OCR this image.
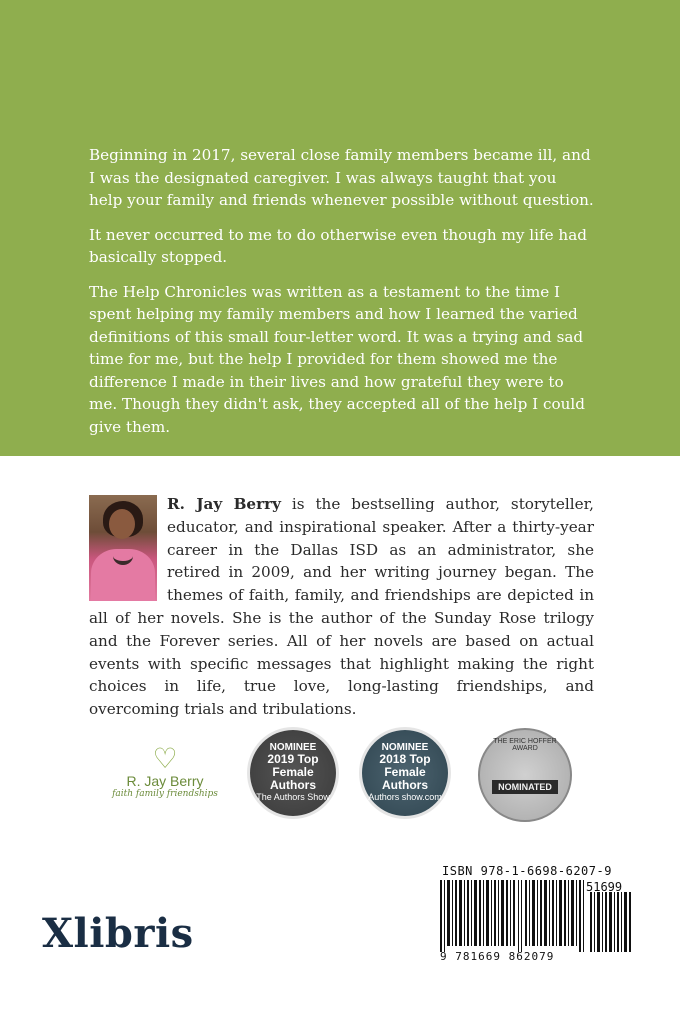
Beginning in 2017, several close family members became ill, and I was the designated caregiver. I was always taught that you help your family and friends whenever possible without question.

It never occurred to me to do otherwise even though my life had basically stopped.

The Help Chronicles was written as a testament to the time I spent helping my family members and how I learned the varied definitions of this small four-letter word. It was a trying and sad time for me, but the help I provided for them showed me the difference I made in their lives and how grateful they were to me. Though they didn't ask, they accepted all of the help I could give them.

R. Jay Berry is the bestselling author, storyteller, educator, and inspirational speaker. After a thirty-year career in the Dallas ISD as an administrator, she retired in 2009, and her writing journey began. The themes of faith, family, and friendships are depicted in all of her novels. She is the author of the Sunday Rose trilogy and the Forever series. All of her novels are based on actual events with specific messages that highlight making the right choices in life, true love, long-lasting friendships, and overcoming trials and tribulations.

♡
R. Jay Berry
faith family friendships
NOMINEE
2019 Top Female Authors
The Authors Show
NOMINEE
2018 Top Female Authors
Authors show.com
THE ERIC HOFFER AWARD
NOMINATED
Xlibris
ISBN 978-1-6698-6207-9
51699
9 781669 862079
